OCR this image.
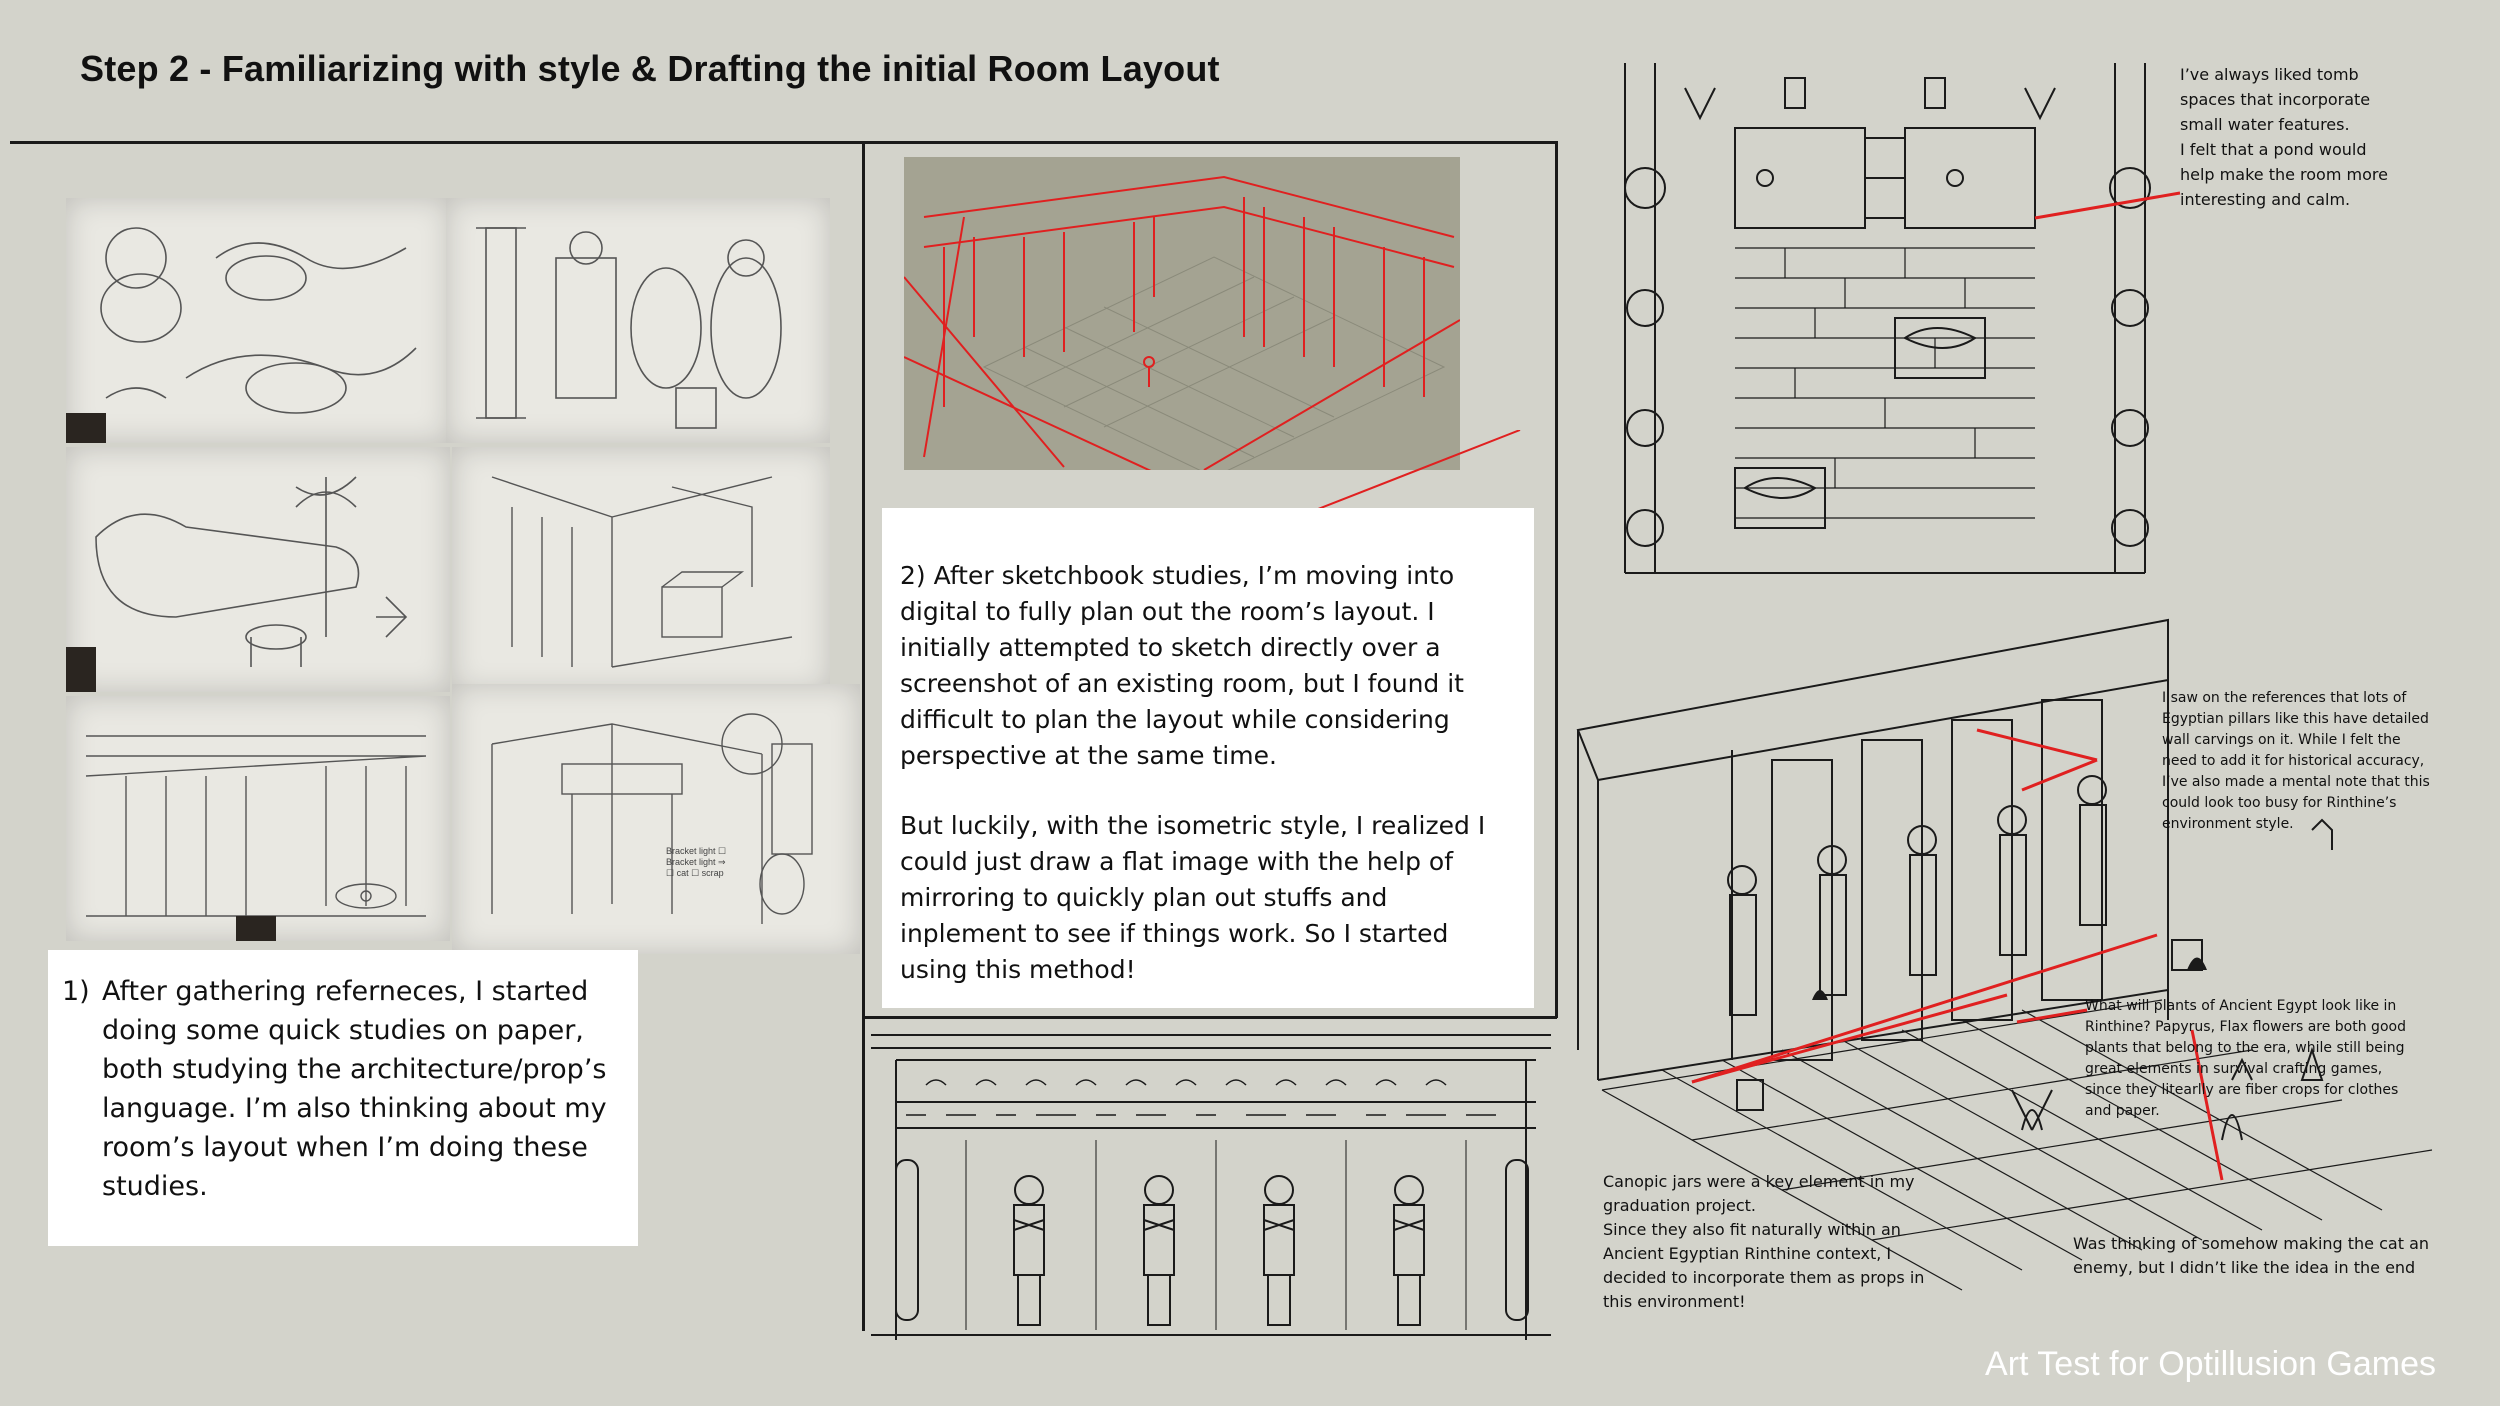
Step 2 - Familiarizing with style & Drafting the initial Room Layout
Bracket light ☐ Bracket light ⇒ ☐ cat ☐ scrap
1) After gathering referneces, I started doing some quick studies on paper, both studying the architecture/prop’s language. I’m also thinking about my room’s layout when I’m doing these studies.

2) After sketchbook studies, I’m moving into digital to fully plan out the room’s layout. I initially attempted to sketch directly over a screenshot of an existing room, but I found it difficult to plan the layout while considering perspective at the same time.

But luckily, with the isometric style, I realized I could just draw a flat image with the help of mirroring to quickly plan out stuffs and inplement to see if things work. So I started using this method!

I’ve always liked tomb spaces that incorporate small water features.
I felt that a pond would help make the room more interesting and calm.

I saw on the references that lots of Egyptian pillars like this have detailed wall carvings on it. While I felt the need to add it for historical accuracy, I’ve also made a mental note that this could look too busy for Rinthine’s environment style.

What will plants of Ancient Egypt look like in Rinthine? Papyrus, Flax flowers are both good plants that belong to the era, while still being great elements in survival crafting games, since they litearlly are fiber crops for clothes and paper.

Canopic jars were a key element in my graduation project.
Since they also fit naturally within an Ancient Egyptian Rinthine context, I decided to incorporate them as props in this environment!

Was thinking of somehow making the cat an enemy, but I didn’t like the idea in the end

Art Test for Optillusion Games
